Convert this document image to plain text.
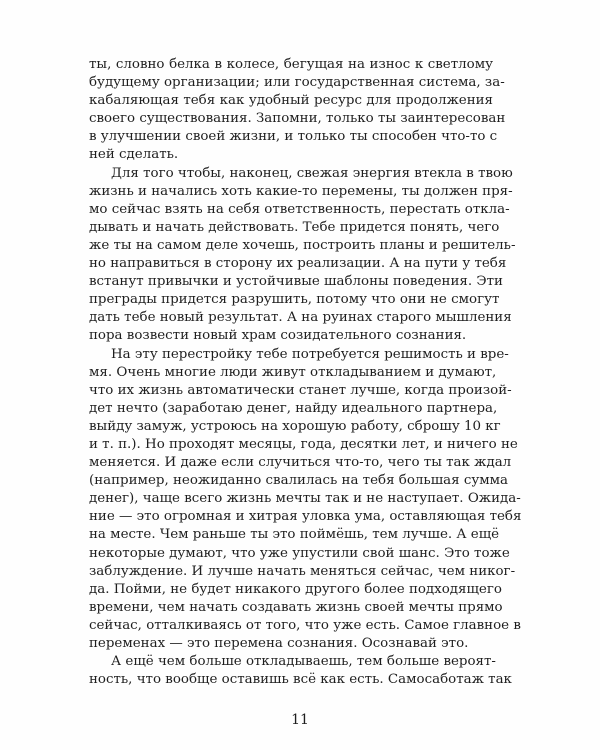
ты, словно белка в колесе, бегущая на износ к светлому
будущему организации; или государственная система, за-
кабаляющая тебя как удобный ресурс для продолжения
своего существования. Запомни, только ты заинтересован
в улучшении своей жизни, и только ты способен что-то с
ней сделать.
Для того чтобы, наконец, свежая энергия втекла в твою
жизнь и начались хоть какие-то перемены, ты должен пря-
мо сейчас взять на себя ответственность, перестать откла-
дывать и начать действовать. Тебе придется понять, чего
же ты на самом деле хочешь, построить планы и решитель-
но направиться в сторону их реализации. А на пути у тебя
встанут привычки и устойчивые шаблоны поведения. Эти
преграды придется разрушить, потому что они не смогут
дать тебе новый результат. А на руинах старого мышления
пора возвести новый храм созидательного сознания.
На эту перестройку тебе потребуется решимость и вре-
мя. Очень многие люди живут откладыванием и думают,
что их жизнь автоматически станет лучше, когда произой-
дет нечто (заработаю денег, найду идеального партнера,
выйду замуж, устроюсь на хорошую работу, сброшу 10 кг
и т. п.). Но проходят месяцы, года, десятки лет, и ничего не
меняется. И даже если случиться что-то, чего ты так ждал
(например, неожиданно свалилась на тебя большая сумма
денег), чаще всего жизнь мечты так и не наступает. Ожида-
ние — это огромная и хитрая уловка ума, оставляющая тебя
на месте. Чем раньше ты это поймёшь, тем лучше. А ещё
некоторые думают, что уже упустили свой шанс. Это тоже
заблуждение. И лучше начать меняться сейчас, чем никог-
да. Пойми, не будет никакого другого более подходящего
времени, чем начать создавать жизнь своей мечты прямо
сейчас, отталкиваясь от того, что уже есть. Самое главное в
переменах — это перемена сознания. Осознавай это.
А ещё чем больше откладываешь, тем больше вероят-
ность, что вообще оставишь всё как есть. Самосаботаж так
11
